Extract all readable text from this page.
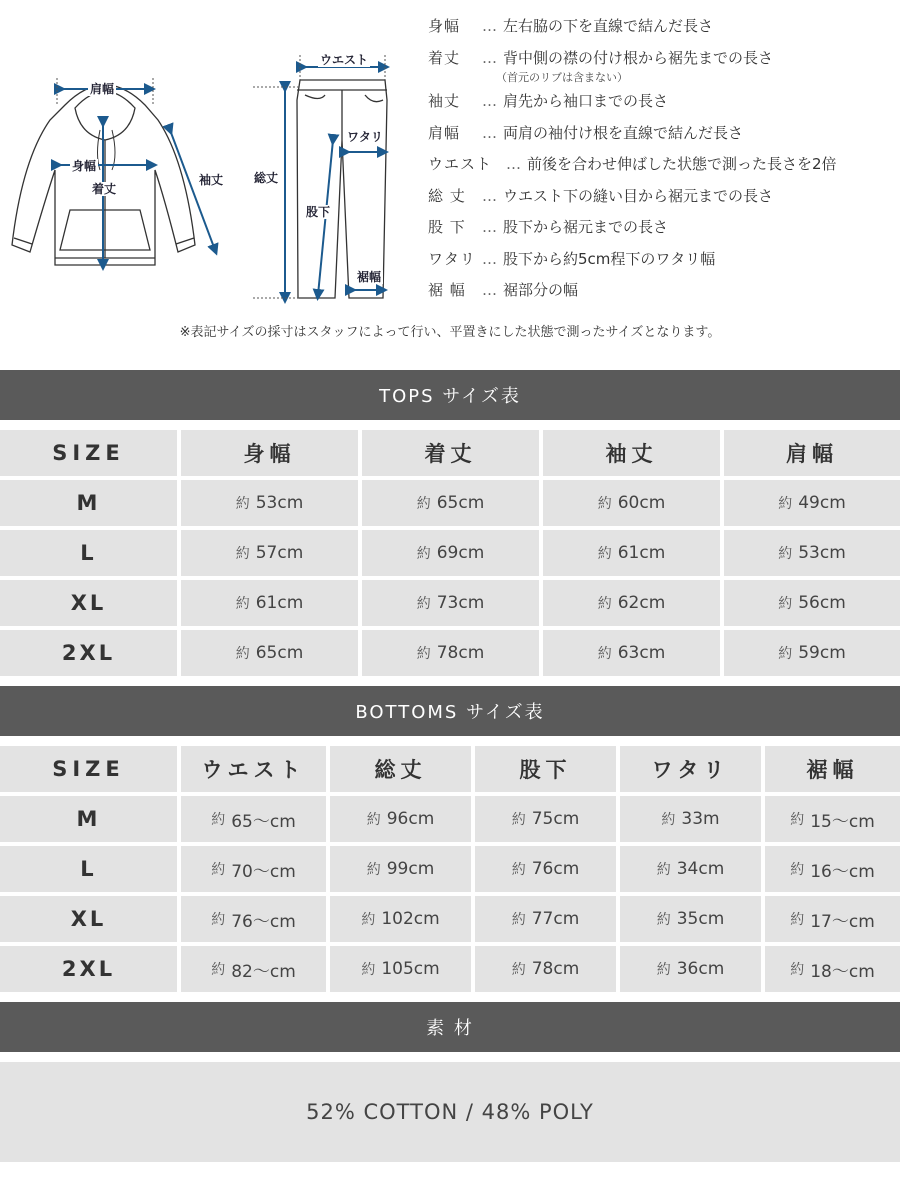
肩幅
身幅
着丈
袖丈
ウエスト
ワタリ
総丈
股下
裾幅
身幅	… 左右脇の下を直線で結んだ長さ
着丈	… 背中側の襟の付け根から裾先までの長さ
（首元のリブは含まない）
袖丈	… 肩先から袖口までの長さ
肩幅	… 両肩の袖付け根を直線で結んだ長さ
ウエスト … 前後を合わせ伸ばした状態で測った長さを2倍
総 丈	… ウエスト下の縫い目から裾元までの長さ
股 下	… 股下から裾元までの長さ
ワタリ … 股下から約5cm程下のワタリ幅
裾 幅	… 裾部分の幅
※表記サイズの採寸はスタッフによって行い、平置きにした状態で測ったサイズとなります。
TOPS サイズ表
SIZE	身幅	着丈	袖丈	肩幅
M	約 53cm	約 65cm	約 60cm	約 49cm
L	約 57cm	約 69cm	約 61cm	約 53cm
XL	約 61cm	約 73cm	約 62cm	約 56cm
2XL	約 65cm	約 78cm	約 63cm	約 59cm
BOTTOMS サイズ表
SIZE	ウエスト	総丈	股下	ワタリ	裾幅
M	約 65～cm	約 96cm	約 75cm	約 33m	約 15～cm
L	約 70～cm	約 99cm	約 76cm	約 34cm	約 16～cm
XL	約 76～cm	約 102cm	約 77cm	約 35cm	約 17～cm
2XL	約 82～cm	約 105cm	約 78cm	約 36cm	約 18～cm
素 材
52% COTTON / 48% POLY
